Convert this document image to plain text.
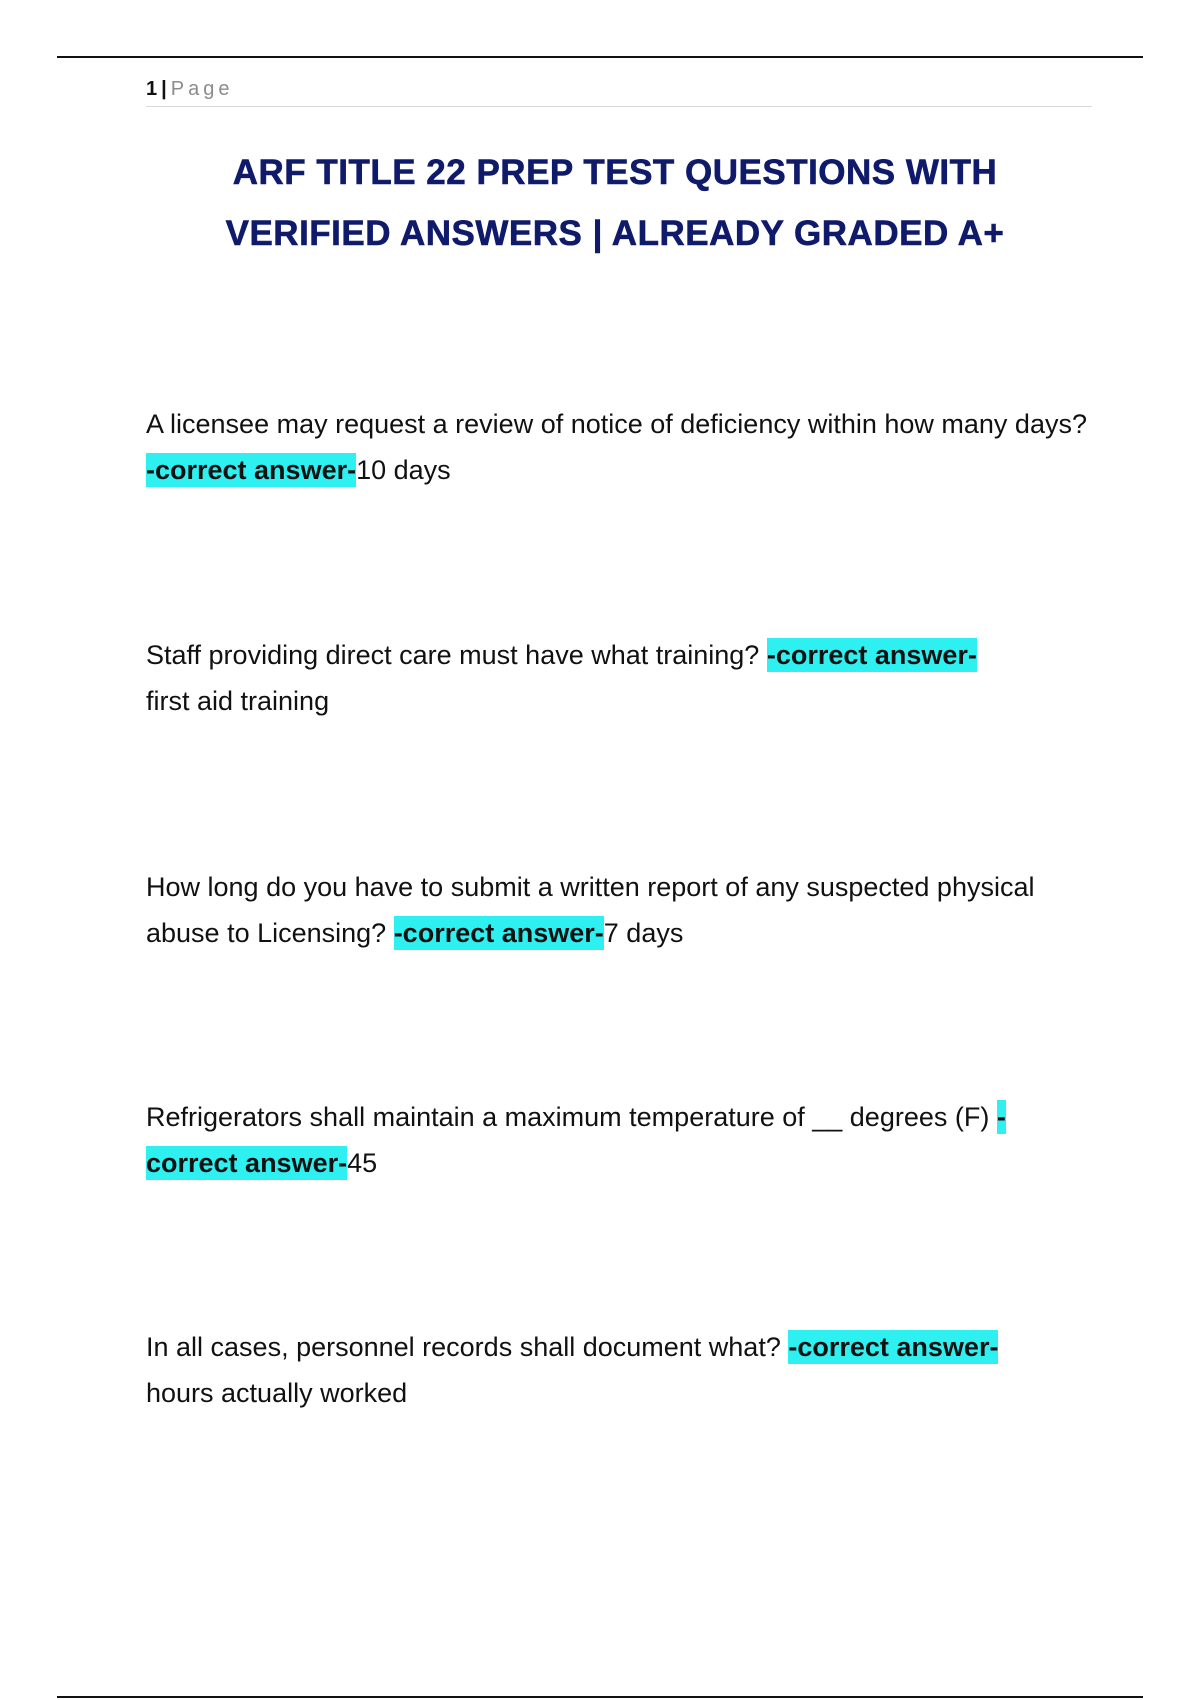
1 | Page
ARF TITLE 22 PREP TEST QUESTIONS WITH
VERIFIED ANSWERS | ALREADY GRADED A+

A licensee may request a review of notice of deficiency within how many days? -correct answer-10 days

Staff providing direct care must have what training? -correct answer-
first aid training

How long do you have to submit a written report of any suspected physical abuse to Licensing? -correct answer-7 days

Refrigerators shall maintain a maximum temperature of __ degrees (F) -correct answer-45

In all cases, personnel records shall document what? -correct answer-
hours actually worked
